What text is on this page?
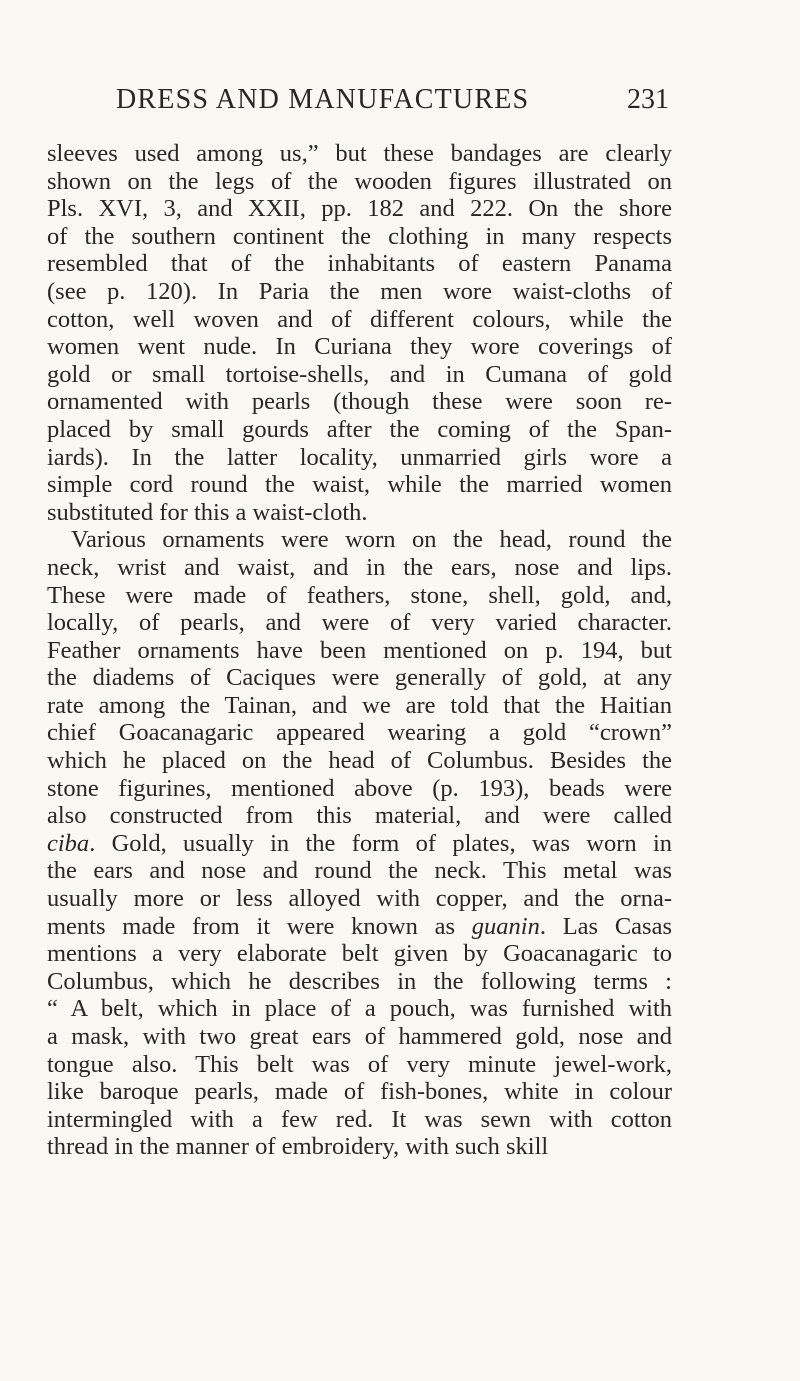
DRESS AND MANUFACTURES	231
sleeves used among us,” but these bandages are clearly
shown on the legs of the wooden figures illustrated on
Pls. XVI, 3, and XXII, pp. 182 and 222. On the shore
of the southern continent the clothing in many respects
resembled that of the inhabitants of eastern Panama
(see p. 120). In Paria the men wore waist-cloths of
cotton, well woven and of different colours, while the
women went nude. In Curiana they wore coverings of
gold or small tortoise-shells, and in Cumana of gold
ornamented with pearls (though these were soon re-
placed by small gourds after the coming of the Span-
iards). In the latter locality, unmarried girls wore a
simple cord round the waist, while the married women
substituted for this a waist-cloth.
Various ornaments were worn on the head, round the
neck, wrist and waist, and in the ears, nose and lips.
These were made of feathers, stone, shell, gold, and,
locally, of pearls, and were of very varied character.
Feather ornaments have been mentioned on p. 194, but
the diadems of Caciques were generally of gold, at any
rate among the Tainan, and we are told that the Haitian
chief Goacanagaric appeared wearing a gold “crown”
which he placed on the head of Columbus. Besides the
stone figurines, mentioned above (p. 193), beads were
also constructed from this material, and were called
ciba. Gold, usually in the form of plates, was worn in
the ears and nose and round the neck. This metal was
usually more or less alloyed with copper, and the orna-
ments made from it were known as guanin. Las Casas
mentions a very elaborate belt given by Goacanagaric to
Columbus, which he describes in the following terms :
“ A belt, which in place of a pouch, was furnished with
a mask, with two great ears of hammered gold, nose and
tongue also. This belt was of very minute jewel-work,
like baroque pearls, made of fish-bones, white in colour
intermingled with a few red. It was sewn with cotton
thread in the manner of embroidery, with such skill
